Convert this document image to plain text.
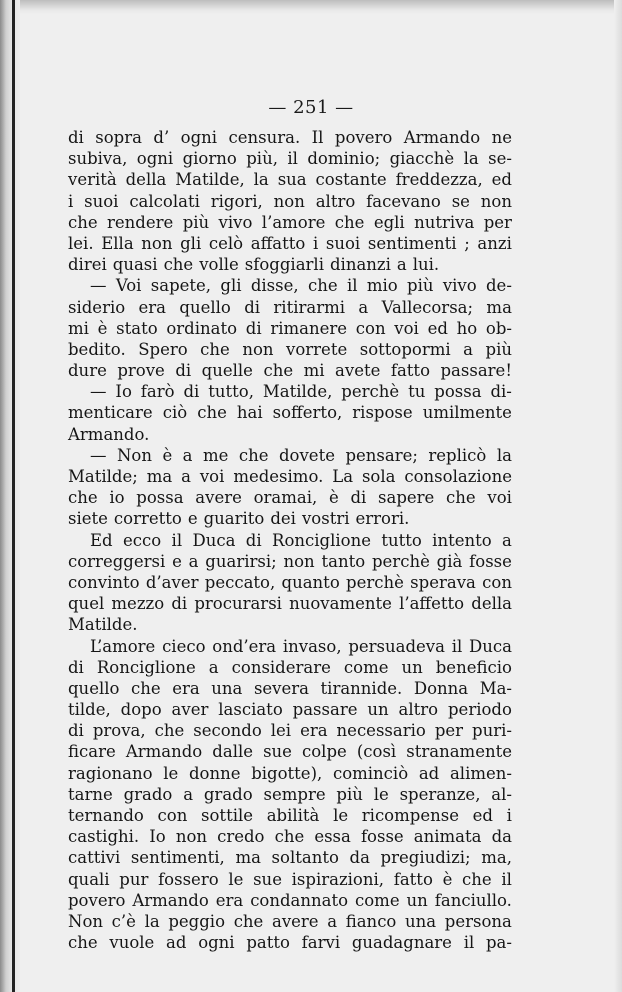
— 251 —
di sopra d’ ogni censura. Il povero Armando ne
subiva, ogni giorno più, il dominio; giacchè la se-
verità della Matilde, la sua costante freddezza, ed
i suoi calcolati rigori, non altro facevano se non
che rendere più vivo l’amore che egli nutriva per
lei. Ella non gli celò affatto i suoi sentimenti ; anzi
direi quasi che volle sfoggiarli dinanzi a lui.
— Voi sapete, gli disse, che il mio più vivo de-
siderio era quello di ritirarmi a Vallecorsa; ma
mi è stato ordinato di rimanere con voi ed ho ob-
bedito. Spero che non vorrete sottopormi a più
dure prove di quelle che mi avete fatto passare!
— Io farò di tutto, Matilde, perchè tu possa di-
menticare ciò che hai sofferto, rispose umilmente
Armando.
— Non è a me che dovete pensare; replicò la
Matilde; ma a voi medesimo. La sola consolazione
che io possa avere oramai, è di sapere che voi
siete corretto e guarito dei vostri errori.
Ed ecco il Duca di Ronciglione tutto intento a
correggersi e a guarirsi; non tanto perchè già fosse
convinto d’aver peccato, quanto perchè sperava con
quel mezzo di procurarsi nuovamente l’affetto della
Matilde.
L’amore cieco ond’era invaso, persuadeva il Duca
di Ronciglione a considerare come un beneficio
quello che era una severa tirannide. Donna Ma-
tilde, dopo aver lasciato passare un altro periodo
di prova, che secondo lei era necessario per puri-
ficare Armando dalle sue colpe (così stranamente
ragionano le donne bigotte), cominciò ad alimen-
tarne grado a grado sempre più le speranze, al-
ternando con sottile abilità le ricompense ed i
castighi. Io non credo che essa fosse animata da
cattivi sentimenti, ma soltanto da pregiudizi; ma,
quali pur fossero le sue ispirazioni, fatto è che il
povero Armando era condannato come un fanciullo.
Non c’è la peggio che avere a fianco una persona
che vuole ad ogni patto farvi guadagnare il pa-
